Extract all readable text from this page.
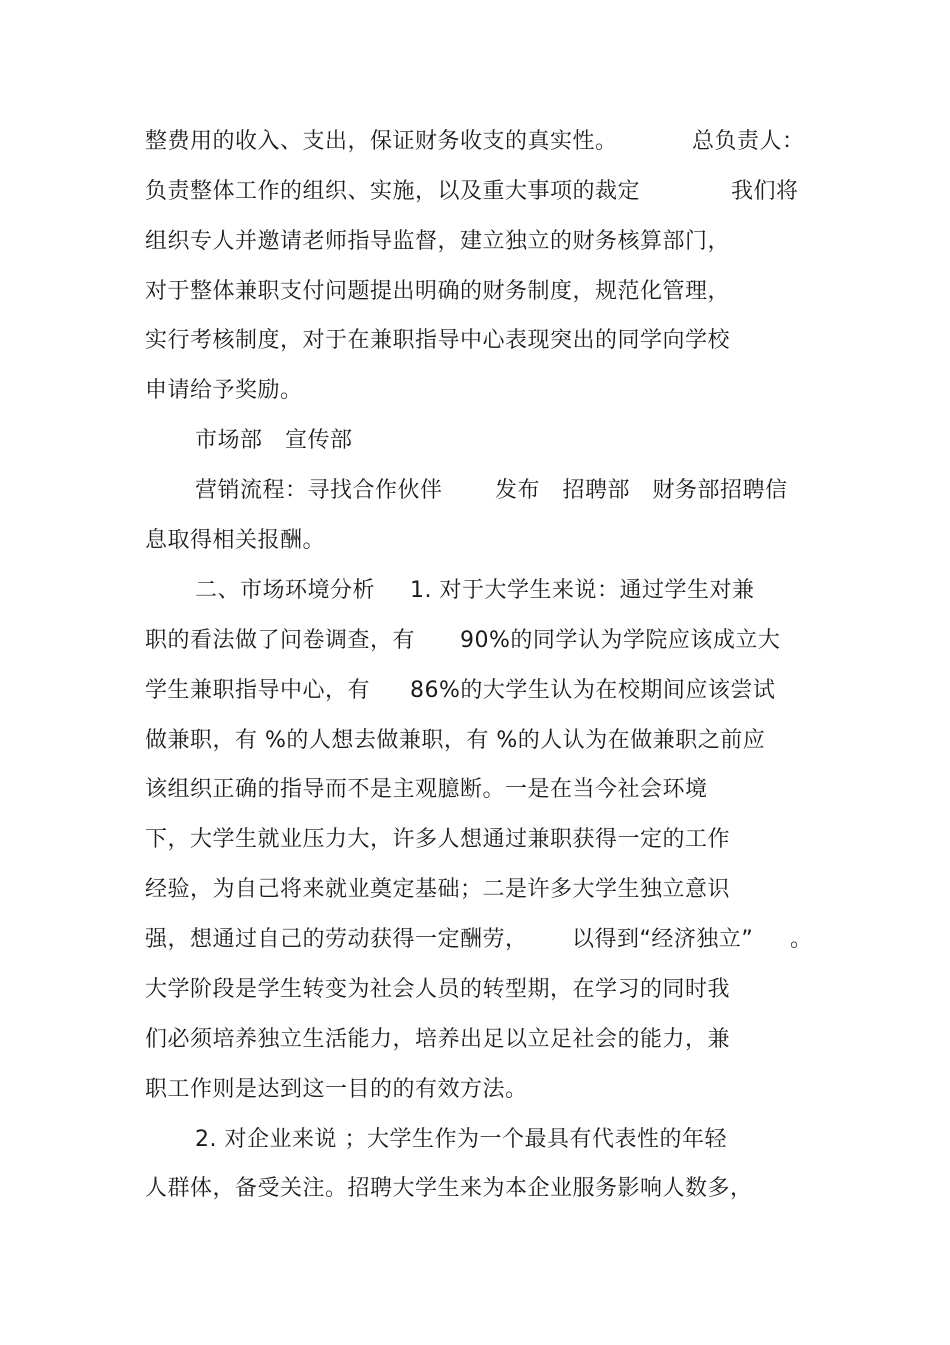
整费用的收入、支出，保证财务收支的真实性。

	总负责人：

负责整体工作的组织、实施，以及重大事项的裁定

	我们将

组织专人并邀请老师指导监督，建立独立的财务核算部门，
对于整体兼职支付问题提出明确的财务制度，规范化管理，
实行考核制度，对于在兼职指导中心表现突出的同学向学校
申请给予奖励。
市场部　宣传部

营销流程：寻找合作伙伴

发布　招聘部　财务部招聘信

息取得相关报酬。

二、市场环境分析

1. 对于大学生来说：通过学生对兼

职的看法做了问卷调查，有

90%的同学认为学院应该成立大

学生兼职指导中心，有

86%的大学生认为在校期间应该尝试

做兼职，有 %的人想去做兼职，有 %的人认为在做兼职之前应
该组织正确的指导而不是主观臆断。一是在当今社会环境
下，大学生就业压力大，许多人想通过兼职获得一定的工作
经验，为自己将来就业奠定基础；二是许多大学生独立意识

强，想通过自己的劳动获得一定酬劳，

以得到“经济独立”

。

大学阶段是学生转变为社会人员的转型期，在学习的同时我
们必须培养独立生活能力，培养出足以立足社会的能力，兼
职工作则是达到这一目的的有效方法。
2. 对企业来说 ；大学生作为一个最具有代表性的年轻
人群体，备受关注。招聘大学生来为本企业服务影响人数多，
